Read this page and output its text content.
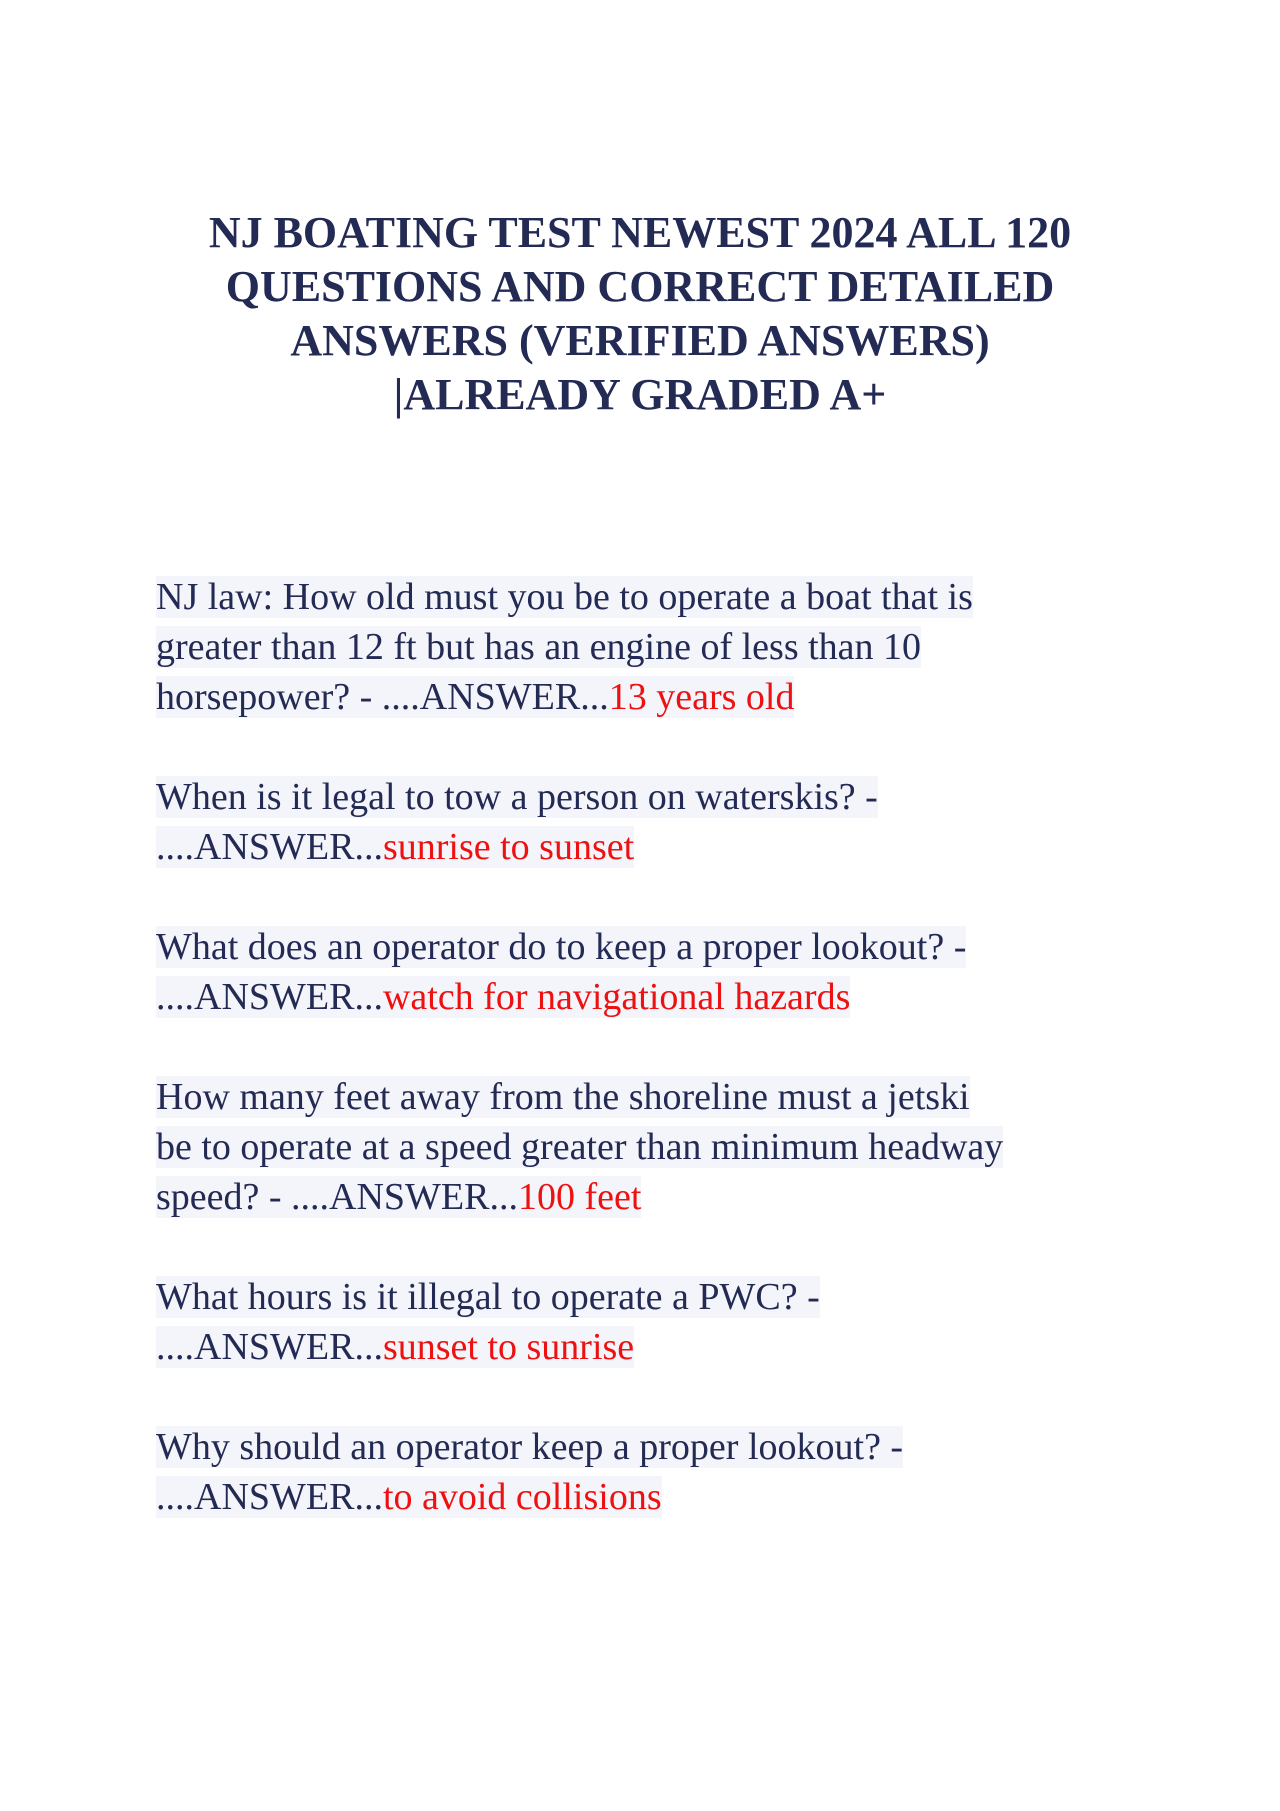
NJ BOATING TEST NEWEST 2024 ALL 120
QUESTIONS AND CORRECT DETAILED
ANSWERS (VERIFIED ANSWERS)
|ALREADY GRADED A+
NJ law: How old must you be to operate a boat that is
greater than 12 ft but has an engine of less than 10
horsepower? - ....ANSWER...13 years old
When is it legal to tow a person on waterskis? -
....ANSWER...sunrise to sunset
What does an operator do to keep a proper lookout? -
....ANSWER...watch for navigational hazards
How many feet away from the shoreline must a jetski
be to operate at a speed greater than minimum headway
speed? - ....ANSWER...100 feet
What hours is it illegal to operate a PWC? -
....ANSWER...sunset to sunrise
Why should an operator keep a proper lookout? -
....ANSWER...to avoid collisions
